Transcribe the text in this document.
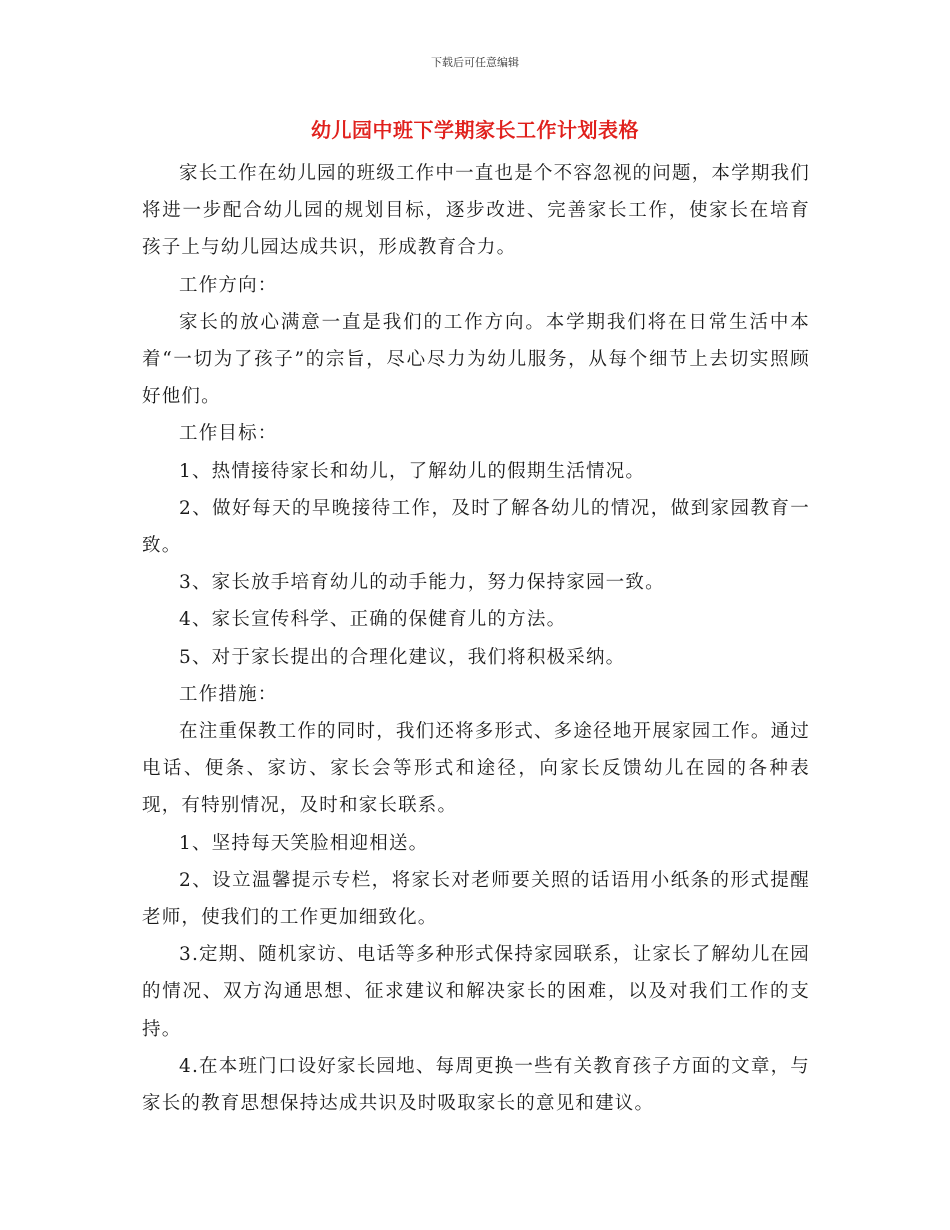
下载后可任意编辑
幼儿园中班下学期家长工作计划表格

家长工作在幼儿园的班级工作中一直也是个不容忽视的问题，本学期我们将进一步配合幼儿园的规划目标，逐步改进、完善家长工作，使家长在培育孩子上与幼儿园达成共识，形成教育合力。

工作方向：

家长的放心满意一直是我们的工作方向。本学期我们将在日常生活中本着“一切为了孩子”的宗旨，尽心尽力为幼儿服务，从每个细节上去切实照顾好他们。

工作目标：

1、热情接待家长和幼儿，了解幼儿的假期生活情况。

2、做好每天的早晚接待工作，及时了解各幼儿的情况，做到家园教育一致。

3、家长放手培育幼儿的动手能力，努力保持家园一致。

4、家长宣传科学、正确的保健育儿的方法。

5、对于家长提出的合理化建议，我们将积极采纳。

工作措施：

在注重保教工作的同时，我们还将多形式、多途径地开展家园工作。通过电话、便条、家访、家长会等形式和途径，向家长反馈幼儿在园的各种表现，有特别情况，及时和家长联系。

1、坚持每天笑脸相迎相送。

2、设立温馨提示专栏，将家长对老师要关照的话语用小纸条的形式提醒老师，使我们的工作更加细致化。

3.定期、随机家访、电话等多种形式保持家园联系，让家长了解幼儿在园的情况、双方沟通思想、征求建议和解决家长的困难，以及对我们工作的支持。

4.在本班门口设好家长园地、每周更换一些有关教育孩子方面的文章，与家长的教育思想保持达成共识及时吸取家长的意见和建议。
